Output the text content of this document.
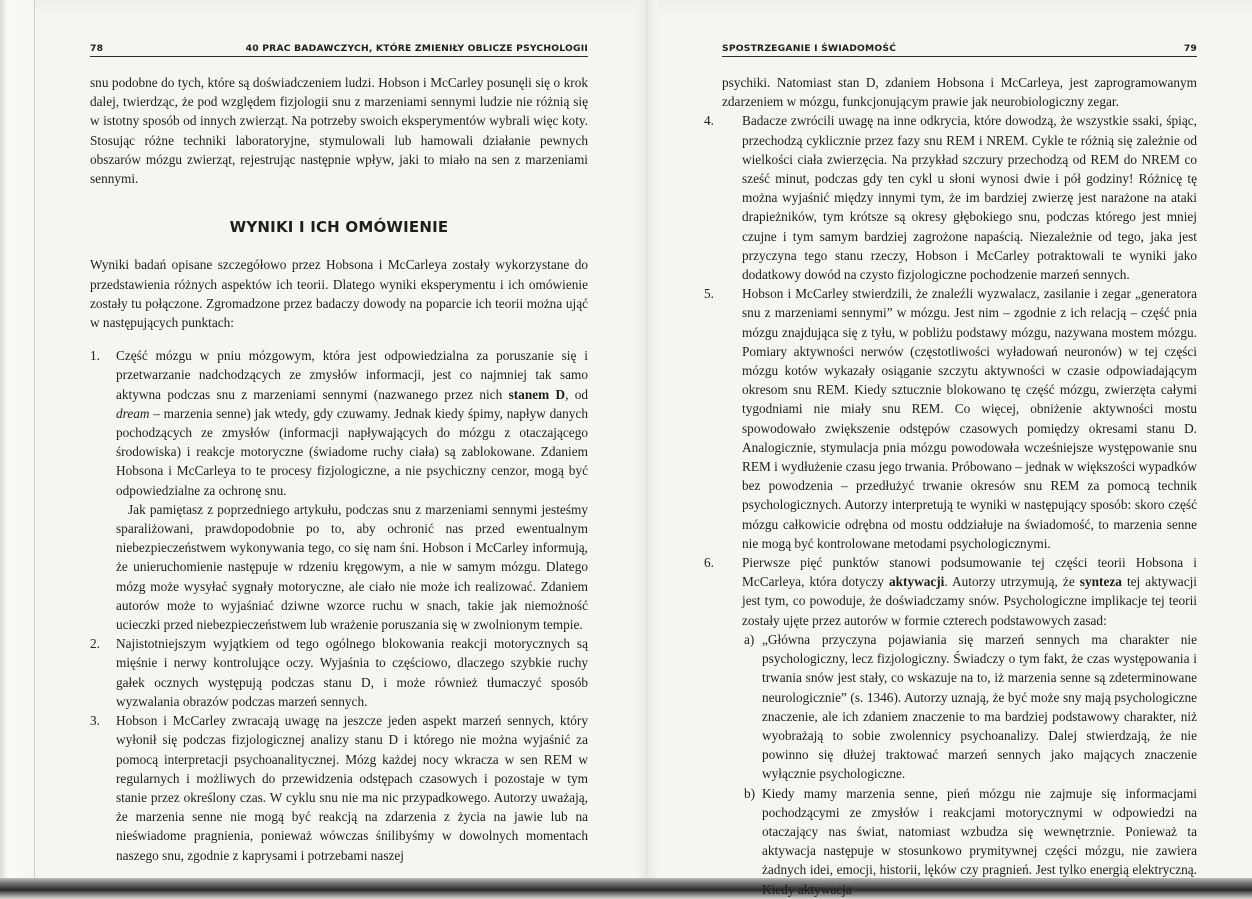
78	40 PRAC BADAWCZYCH, KTÓRE ZMIENIŁY OBLICZE PSYCHOLOGII

snu podobne do tych, które są doświadczeniem ludzi. Hobson i McCarley posunęli się o krok dalej, twierdząc, że pod względem fizjologii snu z marzeniami sennymi ludzie nie różnią się w istotny sposób od innych zwierząt. Na potrzeby swoich eksperymentów wybrali więc koty. Stosując różne techniki laboratoryjne, stymulowali lub hamowali działanie pewnych obszarów mózgu zwierząt, rejestrując następnie wpływ, jaki to miało na sen z marzeniami sennymi.

WYNIKI I ICH OMÓWIENIE

Wyniki badań opisane szczegółowo przez Hobsona i McCarleya zostały wykorzystane do przedstawienia różnych aspektów ich teorii. Dlatego wyniki eksperymentu i ich omówienie zostały tu połączone. Zgromadzone przez badaczy dowody na poparcie ich teorii można ująć w następujących punktach:

1. Część mózgu w pniu mózgowym, która jest odpowiedzialna za poruszanie się i przetwarzanie nadchodzących ze zmysłów informacji, jest co najmniej tak samo aktywna podczas snu z marzeniami sennymi (nazwanego przez nich stanem D, od dream – marzenia senne) jak wtedy, gdy czuwamy. Jednak kiedy śpimy, napływ danych pochodzących ze zmysłów (informacji napływających do mózgu z otaczającego środowiska) i reakcje motoryczne (świadome ruchy ciała) są zablokowane. Zdaniem Hobsona i McCarleya to te procesy fizjologiczne, a nie psychiczny cenzor, mogą być odpowiedzialne za ochronę snu.

Jak pamiętasz z poprzedniego artykułu, podczas snu z marzeniami sennymi jesteśmy sparaliżowani, prawdopodobnie po to, aby ochronić nas przed ewentualnym niebezpieczeństwem wykonywania tego, co się nam śni. Hobson i McCarley informują, że unieruchomienie następuje w rdzeniu kręgowym, a nie w samym mózgu. Dlatego mózg może wysyłać sygnały motoryczne, ale ciało nie może ich realizować. Zdaniem autorów może to wyjaśniać dziwne wzorce ruchu w snach, takie jak niemożność ucieczki przed niebezpieczeństwem lub wrażenie poruszania się w zwolnionym tempie.

2. Najistotniejszym wyjątkiem od tego ogólnego blokowania reakcji motorycznych są mięśnie i nerwy kontrolujące oczy. Wyjaśnia to częściowo, dlaczego szybkie ruchy gałek ocznych występują podczas stanu D, i może również tłumaczyć sposób wyzwalania obrazów podczas marzeń sennych.

3. Hobson i McCarley zwracają uwagę na jeszcze jeden aspekt marzeń sennych, który wyłonił się podczas fizjologicznej analizy stanu D i którego nie można wyjaśnić za pomocą interpretacji psychoanalitycznej. Mózg każdej nocy wkracza w sen REM w regularnych i możliwych do przewidzenia odstępach czasowych i pozostaje w tym stanie przez określony czas. W cyklu snu nie ma nic przypadkowego. Autorzy uważają, że marzenia senne nie mogą być reakcją na zdarzenia z życia na jawie lub na nieświadome pragnienia, ponieważ wówczas śnilibyśmy w dowolnych momentach naszego snu, zgodnie z kaprysami i potrzebami naszej

SPOSTRZEGANIE I ŚWIADOMOŚĆ	79

psychiki. Natomiast stan D, zdaniem Hobsona i McCarleya, jest zaprogramowanym zdarzeniem w mózgu, funkcjonującym prawie jak neurobiologiczny zegar.

4. Badacze zwrócili uwagę na inne odkrycia, które dowodzą, że wszystkie ssaki, śpiąc, przechodzą cyklicznie przez fazy snu REM i NREM. Cykle te różnią się zależnie od wielkości ciała zwierzęcia. Na przykład szczury przechodzą od REM do NREM co sześć minut, podczas gdy ten cykl u słoni wynosi dwie i pół godziny! Różnicę tę można wyjaśnić między innymi tym, że im bardziej zwierzę jest narażone na ataki drapieżników, tym krótsze są okresy głębokiego snu, podczas którego jest mniej czujne i tym samym bardziej zagrożone napaścią. Niezależnie od tego, jaka jest przyczyna tego stanu rzeczy, Hobson i McCarley potraktowali te wyniki jako dodatkowy dowód na czysto fizjologiczne pochodzenie marzeń sennych.

5. Hobson i McCarley stwierdzili, że znaleźli wyzwalacz, zasilanie i zegar „generatora snu z marzeniami sennymi” w mózgu. Jest nim – zgodnie z ich relacją – część pnia mózgu znajdująca się z tyłu, w pobliżu podstawy mózgu, nazywana mostem mózgu. Pomiary aktywności nerwów (częstotliwości wyładowań neuronów) w tej części mózgu kotów wykazały osiąganie szczytu aktywności w czasie odpowiadającym okresom snu REM. Kiedy sztucznie blokowano tę część mózgu, zwierzęta całymi tygodniami nie miały snu REM. Co więcej, obniżenie aktywności mostu spowodowało zwiększenie odstępów czasowych pomiędzy okresami stanu D. Analogicznie, stymulacja pnia mózgu powodowała wcześniejsze występowanie snu REM i wydłużenie czasu jego trwania. Próbowano – jednak w większości wypadków bez powodzenia – przedłużyć trwanie okresów snu REM za pomocą technik psychologicznych. Autorzy interpretują te wyniki w następujący sposób: skoro część mózgu całkowicie odrębna od mostu oddziałuje na świadomość, to marzenia senne nie mogą być kontrolowane metodami psychologicznymi.

6. Pierwsze pięć punktów stanowi podsumowanie tej części teorii Hobsona i McCarleya, która dotyczy aktywacji. Autorzy utrzymują, że synteza tej aktywacji jest tym, co powoduje, że doświadczamy snów. Psychologiczne implikacje tej teorii zostały ujęte przez autorów w formie czterech podstawowych zasad:

a) „Główna przyczyna pojawiania się marzeń sennych ma charakter nie psychologiczny, lecz fizjologiczny. Świadczy o tym fakt, że czas występowania i trwania snów jest stały, co wskazuje na to, iż marzenia senne są zdeterminowane neurologicznie” (s. 1346). Autorzy uznają, że być może sny mają psychologiczne znaczenie, ale ich zdaniem znaczenie to ma bardziej podstawowy charakter, niż wyobrażają to sobie zwolennicy psychoanalizy. Dalej stwierdzają, że nie powinno się dłużej traktować marzeń sennych jako mających znaczenie wyłącznie psychologiczne.

b) Kiedy mamy marzenia senne, pień mózgu nie zajmuje się informacjami pochodzącymi ze zmysłów i reakcjami motorycznymi w odpowiedzi na otaczający nas świat, natomiast wzbudza się wewnętrznie. Ponieważ ta aktywacja następuje w stosunkowo prymitywnej części mózgu, nie zawiera żadnych idei, emocji, historii, lęków czy pragnień. Jest tylko energią elektryczną. Kiedy aktywacja
